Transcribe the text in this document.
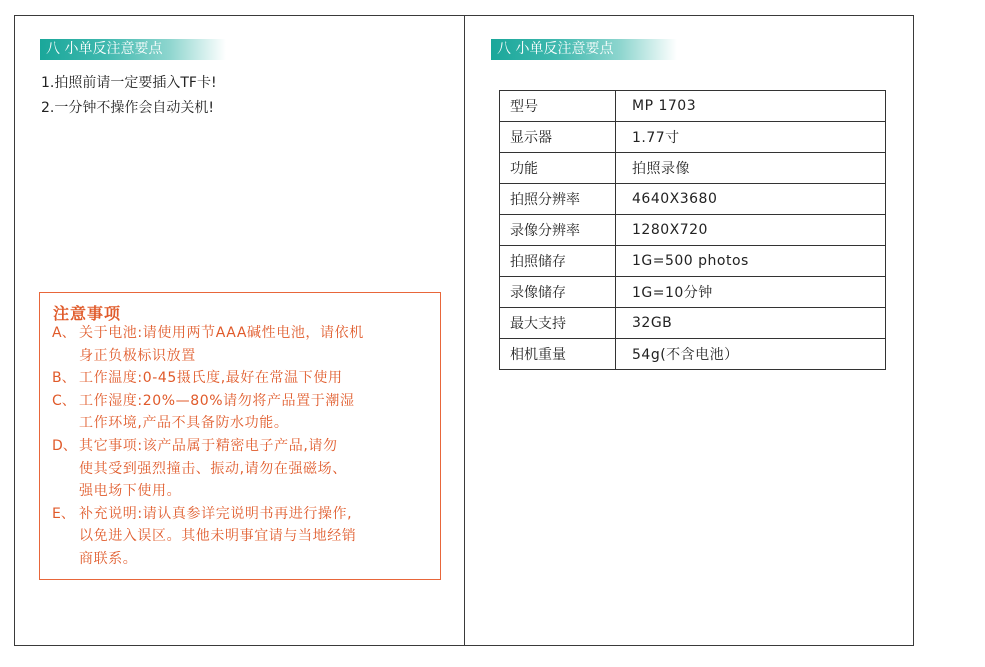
八 小单反注意要点
1.拍照前请一定要插入TF卡!
2.一分钟不操作会自动关机!
注意事项
A、 关于电池:请使用两节AAA碱性电池，请依机
身正负极标识放置
B、 工作温度:0-45摄氏度,最好在常温下使用
C、 工作湿度:20%—80%请勿将产品置于潮湿
工作环境,产品不具备防水功能。
D、 其它事项:该产品属于精密电子产品,请勿
使其受到强烈撞击、振动,请勿在强磁场、
强电场下使用。
E、 补充说明:请认真参详完说明书再进行操作,
以免进入误区。其他未明事宜请与当地经销
商联系。
八 小单反注意要点
型号	MP 1703
显示器	1.77寸
功能	拍照录像
拍照分辨率	4640X3680
录像分辨率	1280X720
拍照储存	1G=500 photos
录像储存	1G=10分钟
最大支持	32GB
相机重量	54g(不含电池）
